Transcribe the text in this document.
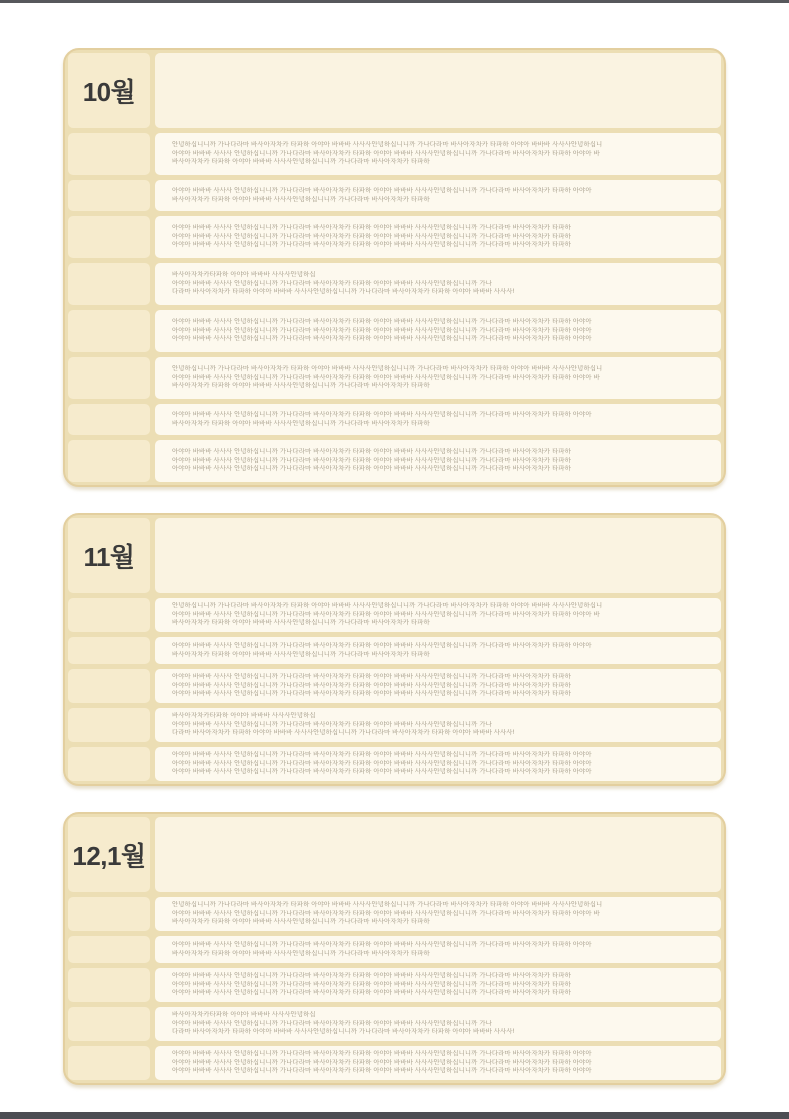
10월
안녕하십니니까 가나다라마 바사아자차카 타파하 아야아 바바바 사사사안녕하십니니까 가나다라마 바사아자차카 타파하 아야아 바바바 사사사안녕하십니
아야아 바바바 사사사 안녕하십니니까 가나다라마 바사아자차카 타파하 아야아 바바바 사사사안녕하십니니까 가나다라마 바사아자차카 타파하 아야아 바
바사아자차카 타파하 아야아 바바바 사사사안녕하십니니까 가나다라마 바사아자차카 타파하
아야아 바바바 사사사 안녕하십니니까 가나다라마 바사아자차카 타파하 아야아 바바바 사사사안녕하십니니까 가나다라마 바사아자차카 타파하 아야아
바사아자차카 타파하 아야아 바바바 사사사안녕하십니니까 가나다라마 바사아자차카 타파하
아야아 바바바 사사사 안녕하십니니까 가나다라마 바사아자차카 타파하 아야아 바바바 사사사안녕하십니니까 가나다라마 바사아자차카 타파하
아야아 바바바 사사사 안녕하십니니까 가나다라마 바사아자차카 타파하 아야아 바바바 사사사안녕하십니니까 가나다라마 바사아자차카 타파하
아야아 바바바 사사사 안녕하십니니까 가나다라마 바사아자차카 타파하 아야아 바바바 사사사안녕하십니니까 가나다라마 바사아자차카 타파하
바사아자차카타파하 아야아 바바바 사사사안녕하십
아야아 바바바 사사사 안녕하십니니까 가나다라마 바사아자차카 타파하 아야아 바바바 사사사안녕하십니니까 가나
다라마 바사아자차카 타파하 아야아 바바바 사사사안녕하십니니까 가나다라마 바사아자차카 타파하 아야아 바바바 사사사!
아야아 바바바 사사사 안녕하십니니까 가나다라마 바사아자차카 타파하 아야아 바바바 사사사안녕하십니니까 가나다라마 바사아자차카 타파하 아야아
아야아 바바바 사사사 안녕하십니니까 가나다라마 바사아자차카 타파하 아야아 바바바 사사사안녕하십니니까 가나다라마 바사아자차카 타파하 아야아
아야아 바바바 사사사 안녕하십니니까 가나다라마 바사아자차카 타파하 아야아 바바바 사사사안녕하십니니까 가나다라마 바사아자차카 타파하 아야아
안녕하십니니까 가나다라마 바사아자차카 타파하 아야아 바바바 사사사안녕하십니니까 가나다라마 바사아자차카 타파하 아야아 바바바 사사사안녕하십니
아야아 바바바 사사사 안녕하십니니까 가나다라마 바사아자차카 타파하 아야아 바바바 사사사안녕하십니니까 가나다라마 바사아자차카 타파하 아야아 바
바사아자차카 타파하 아야아 바바바 사사사안녕하십니니까 가나다라마 바사아자차카 타파하
아야아 바바바 사사사 안녕하십니니까 가나다라마 바사아자차카 타파하 아야아 바바바 사사사안녕하십니니까 가나다라마 바사아자차카 타파하 아야아
바사아자차카 타파하 아야아 바바바 사사사안녕하십니니까 가나다라마 바사아자차카 타파하
아야아 바바바 사사사 안녕하십니니까 가나다라마 바사아자차카 타파하 아야아 바바바 사사사안녕하십니니까 가나다라마 바사아자차카 타파하
아야아 바바바 사사사 안녕하십니니까 가나다라마 바사아자차카 타파하 아야아 바바바 사사사안녕하십니니까 가나다라마 바사아자차카 타파하
아야아 바바바 사사사 안녕하십니니까 가나다라마 바사아자차카 타파하 아야아 바바바 사사사안녕하십니니까 가나다라마 바사아자차카 타파하
11월
안녕하십니니까 가나다라마 바사아자차카 타파하 아야아 바바바 사사사안녕하십니니까 가나다라마 바사아자차카 타파하 아야아 바바바 사사사안녕하십니
아야아 바바바 사사사 안녕하십니니까 가나다라마 바사아자차카 타파하 아야아 바바바 사사사안녕하십니니까 가나다라마 바사아자차카 타파하 아야아 바
바사아자차카 타파하 아야아 바바바 사사사안녕하십니니까 가나다라마 바사아자차카 타파하
아야아 바바바 사사사 안녕하십니니까 가나다라마 바사아자차카 타파하 아야아 바바바 사사사안녕하십니니까 가나다라마 바사아자차카 타파하 아야아
바사아자차카 타파하 아야아 바바바 사사사안녕하십니니까 가나다라마 바사아자차카 타파하
아야아 바바바 사사사 안녕하십니니까 가나다라마 바사아자차카 타파하 아야아 바바바 사사사안녕하십니니까 가나다라마 바사아자차카 타파하
아야아 바바바 사사사 안녕하십니니까 가나다라마 바사아자차카 타파하 아야아 바바바 사사사안녕하십니니까 가나다라마 바사아자차카 타파하
아야아 바바바 사사사 안녕하십니니까 가나다라마 바사아자차카 타파하 아야아 바바바 사사사안녕하십니니까 가나다라마 바사아자차카 타파하
바사아자차카타파하 아야아 바바바 사사사안녕하십
아야아 바바바 사사사 안녕하십니니까 가나다라마 바사아자차카 타파하 아야아 바바바 사사사안녕하십니니까 가나
다라마 바사아자차카 타파하 아야아 바바바 사사사안녕하십니니까 가나다라마 바사아자차카 타파하 아야아 바바바 사사사!
아야아 바바바 사사사 안녕하십니니까 가나다라마 바사아자차카 타파하 아야아 바바바 사사사안녕하십니니까 가나다라마 바사아자차카 타파하 아야아
아야아 바바바 사사사 안녕하십니니까 가나다라마 바사아자차카 타파하 아야아 바바바 사사사안녕하십니니까 가나다라마 바사아자차카 타파하 아야아
아야아 바바바 사사사 안녕하십니니까 가나다라마 바사아자차카 타파하 아야아 바바바 사사사안녕하십니니까 가나다라마 바사아자차카 타파하 아야아
12,1월
안녕하십니니까 가나다라마 바사아자차카 타파하 아야아 바바바 사사사안녕하십니니까 가나다라마 바사아자차카 타파하 아야아 바바바 사사사안녕하십니
아야아 바바바 사사사 안녕하십니니까 가나다라마 바사아자차카 타파하 아야아 바바바 사사사안녕하십니니까 가나다라마 바사아자차카 타파하 아야아 바
바사아자차카 타파하 아야아 바바바 사사사안녕하십니니까 가나다라마 바사아자차카 타파하
아야아 바바바 사사사 안녕하십니니까 가나다라마 바사아자차카 타파하 아야아 바바바 사사사안녕하십니니까 가나다라마 바사아자차카 타파하 아야아
바사아자차카 타파하 아야아 바바바 사사사안녕하십니니까 가나다라마 바사아자차카 타파하
아야아 바바바 사사사 안녕하십니니까 가나다라마 바사아자차카 타파하 아야아 바바바 사사사안녕하십니니까 가나다라마 바사아자차카 타파하
아야아 바바바 사사사 안녕하십니니까 가나다라마 바사아자차카 타파하 아야아 바바바 사사사안녕하십니니까 가나다라마 바사아자차카 타파하
아야아 바바바 사사사 안녕하십니니까 가나다라마 바사아자차카 타파하 아야아 바바바 사사사안녕하십니니까 가나다라마 바사아자차카 타파하
바사아자차카타파하 아야아 바바바 사사사안녕하십
아야아 바바바 사사사 안녕하십니니까 가나다라마 바사아자차카 타파하 아야아 바바바 사사사안녕하십니니까 가나
다라마 바사아자차카 타파하 아야아 바바바 사사사안녕하십니니까 가나다라마 바사아자차카 타파하 아야아 바바바 사사사!
아야아 바바바 사사사 안녕하십니니까 가나다라마 바사아자차카 타파하 아야아 바바바 사사사안녕하십니니까 가나다라마 바사아자차카 타파하 아야아
아야아 바바바 사사사 안녕하십니니까 가나다라마 바사아자차카 타파하 아야아 바바바 사사사안녕하십니니까 가나다라마 바사아자차카 타파하 아야아
아야아 바바바 사사사 안녕하십니니까 가나다라마 바사아자차카 타파하 아야아 바바바 사사사안녕하십니니까 가나다라마 바사아자차카 타파하 아야아
